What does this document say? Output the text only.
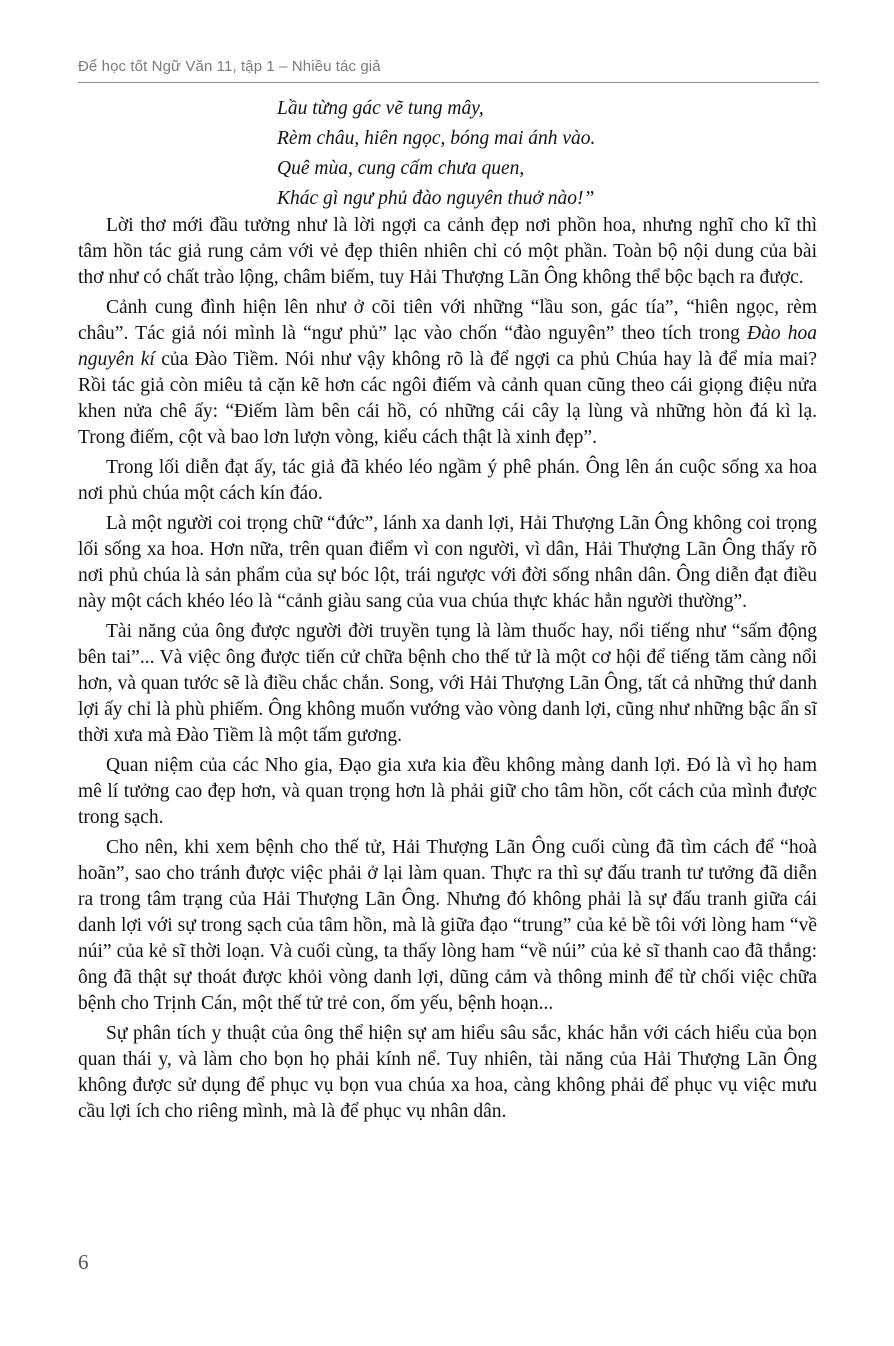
Để học tốt Ngữ Văn 11, tập 1 – Nhiều tác giả
Lầu từng gác vẽ tung mây,
Rèm châu, hiên ngọc, bóng mai ánh vào.
Quê mùa, cung cấm chưa quen,
Khác gì ngư phủ đào nguyên thuở nào!”

Lời thơ mới đầu tưởng như là lời ngợi ca cảnh đẹp nơi phồn hoa, nhưng nghĩ cho kĩ thì tâm hồn tác giả rung cảm với vẻ đẹp thiên nhiên chỉ có một phần. Toàn bộ nội dung của bài thơ như có chất trào lộng, châm biếm, tuy Hải Thượng Lãn Ông không thể bộc bạch ra được.

Cảnh cung đình hiện lên như ở cõi tiên với những “lầu son, gác tía”, “hiên ngọc, rèm châu”. Tác giả nói mình là “ngư phủ” lạc vào chốn “đào nguyên” theo tích trong Đào hoa nguyên kí của Đào Tiềm. Nói như vậy không rõ là để ngợi ca phủ Chúa hay là để mỉa mai? Rồi tác giả còn miêu tả cặn kẽ hơn các ngôi điếm và cảnh quan cũng theo cái giọng điệu nửa khen nửa chê ấy: “Điếm làm bên cái hồ, có những cái cây lạ lùng và những hòn đá kì lạ. Trong điếm, cột và bao lơn lượn vòng, kiểu cách thật là xinh đẹp”.

Trong lối diễn đạt ấy, tác giả đã khéo léo ngầm ý phê phán. Ông lên án cuộc sống xa hoa nơi phủ chúa một cách kín đáo.

Là một người coi trọng chữ “đức”, lánh xa danh lợi, Hải Thượng Lãn Ông không coi trọng lối sống xa hoa. Hơn nữa, trên quan điểm vì con người, vì dân, Hải Thượng Lãn Ông thấy rõ nơi phủ chúa là sản phẩm của sự bóc lột, trái ngược với đời sống nhân dân. Ông diễn đạt điều này một cách khéo léo là “cảnh giàu sang của vua chúa thực khác hẳn người thường”.

Tài năng của ông được người đời truyền tụng là làm thuốc hay, nổi tiếng như “sấm động bên tai”... Và việc ông được tiến cử chữa bệnh cho thế tử là một cơ hội để tiếng tăm càng nổi hơn, và quan tước sẽ là điều chắc chắn. Song, với Hải Thượng Lãn Ông, tất cả những thứ danh lợi ấy chỉ là phù phiếm. Ông không muốn vướng vào vòng danh lợi, cũng như những bậc ẩn sĩ thời xưa mà Đào Tiềm là một tấm gương.

Quan niệm của các Nho gia, Đạo gia xưa kia đều không màng danh lợi. Đó là vì họ ham mê lí tưởng cao đẹp hơn, và quan trọng hơn là phải giữ cho tâm hồn, cốt cách của mình được trong sạch.

Cho nên, khi xem bệnh cho thế tử, Hải Thượng Lãn Ông cuối cùng đã tìm cách để “hoà hoãn”, sao cho tránh được việc phải ở lại làm quan. Thực ra thì sự đấu tranh tư tưởng đã diễn ra trong tâm trạng của Hải Thượng Lãn Ông. Nhưng đó không phải là sự đấu tranh giữa cái danh lợi với sự trong sạch của tâm hồn, mà là giữa đạo “trung” của kẻ bề tôi với lòng ham “về núi” của kẻ sĩ thời loạn. Và cuối cùng, ta thấy lòng ham “về núi” của kẻ sĩ thanh cao đã thắng: ông đã thật sự thoát được khỏi vòng danh lợi, dũng cảm và thông minh để từ chối việc chữa bệnh cho Trịnh Cán, một thế tử trẻ con, ốm yếu, bệnh hoạn...

Sự phân tích y thuật của ông thể hiện sự am hiểu sâu sắc, khác hẳn với cách hiểu của bọn quan thái y, và làm cho bọn họ phải kính nể. Tuy nhiên, tài năng của Hải Thượng Lãn Ông không được sử dụng để phục vụ bọn vua chúa xa hoa, càng không phải để phục vụ việc mưu cầu lợi ích cho riêng mình, mà là để phục vụ nhân dân.

6
